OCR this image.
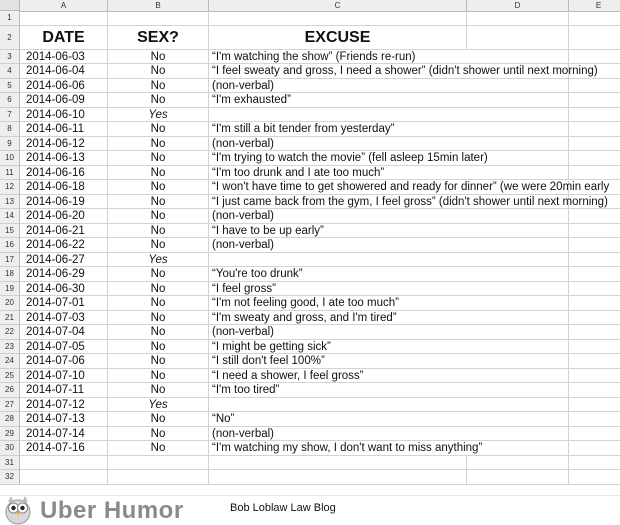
A	B	C	D	E
1
2	DATE	SEX?	EXCUSE
3	2014-06-03	No	“I'm watching the show” (Friends re-run)
4	2014-06-04	No	“I feel sweaty and gross, I need a shower” (didn't shower until next morning)
5	2014-06-06	No	(non-verbal)
6	2014-06-09	No	“I'm exhausted”
7	2014-06-10	Yes
8	2014-06-11	No	“I'm still a bit tender from yesterday”
9	2014-06-12	No	(non-verbal)
10	2014-06-13	No	“I'm trying to watch the movie” (fell asleep 15min later)
11	2014-06-16	No	“I'm too drunk and I ate too much”
12	2014-06-18	No	“I won't have time to get showered and ready for dinner” (we were 20min early
13	2014-06-19	No	“I just came back from the gym, I feel gross” (didn't shower until next morning)
14	2014-06-20	No	(non-verbal)
15	2014-06-21	No	“I have to be up early”
16	2014-06-22	No	(non-verbal)
17	2014-06-27	Yes
18	2014-06-29	No	“You're too drunk”
19	2014-06-30	No	“I feel gross”
20	2014-07-01	No	“I'm not feeling good, I ate too much”
21	2014-07-03	No	“I'm sweaty and gross, and I'm tired”
22	2014-07-04	No	(non-verbal)
23	2014-07-05	No	“I might be getting sick”
24	2014-07-06	No	“I still don't feel 100%”
25	2014-07-10	No	“I need a shower, I feel gross”
26	2014-07-11	No	“I'm too tired”
27	2014-07-12	Yes
28	2014-07-13	No	“No”
29	2014-07-14	No	(non-verbal)
30	2014-07-16	No	“I'm watching my show, I don't want to miss anything”
31
32
Uber Humor	Bob Loblaw Law Blog
